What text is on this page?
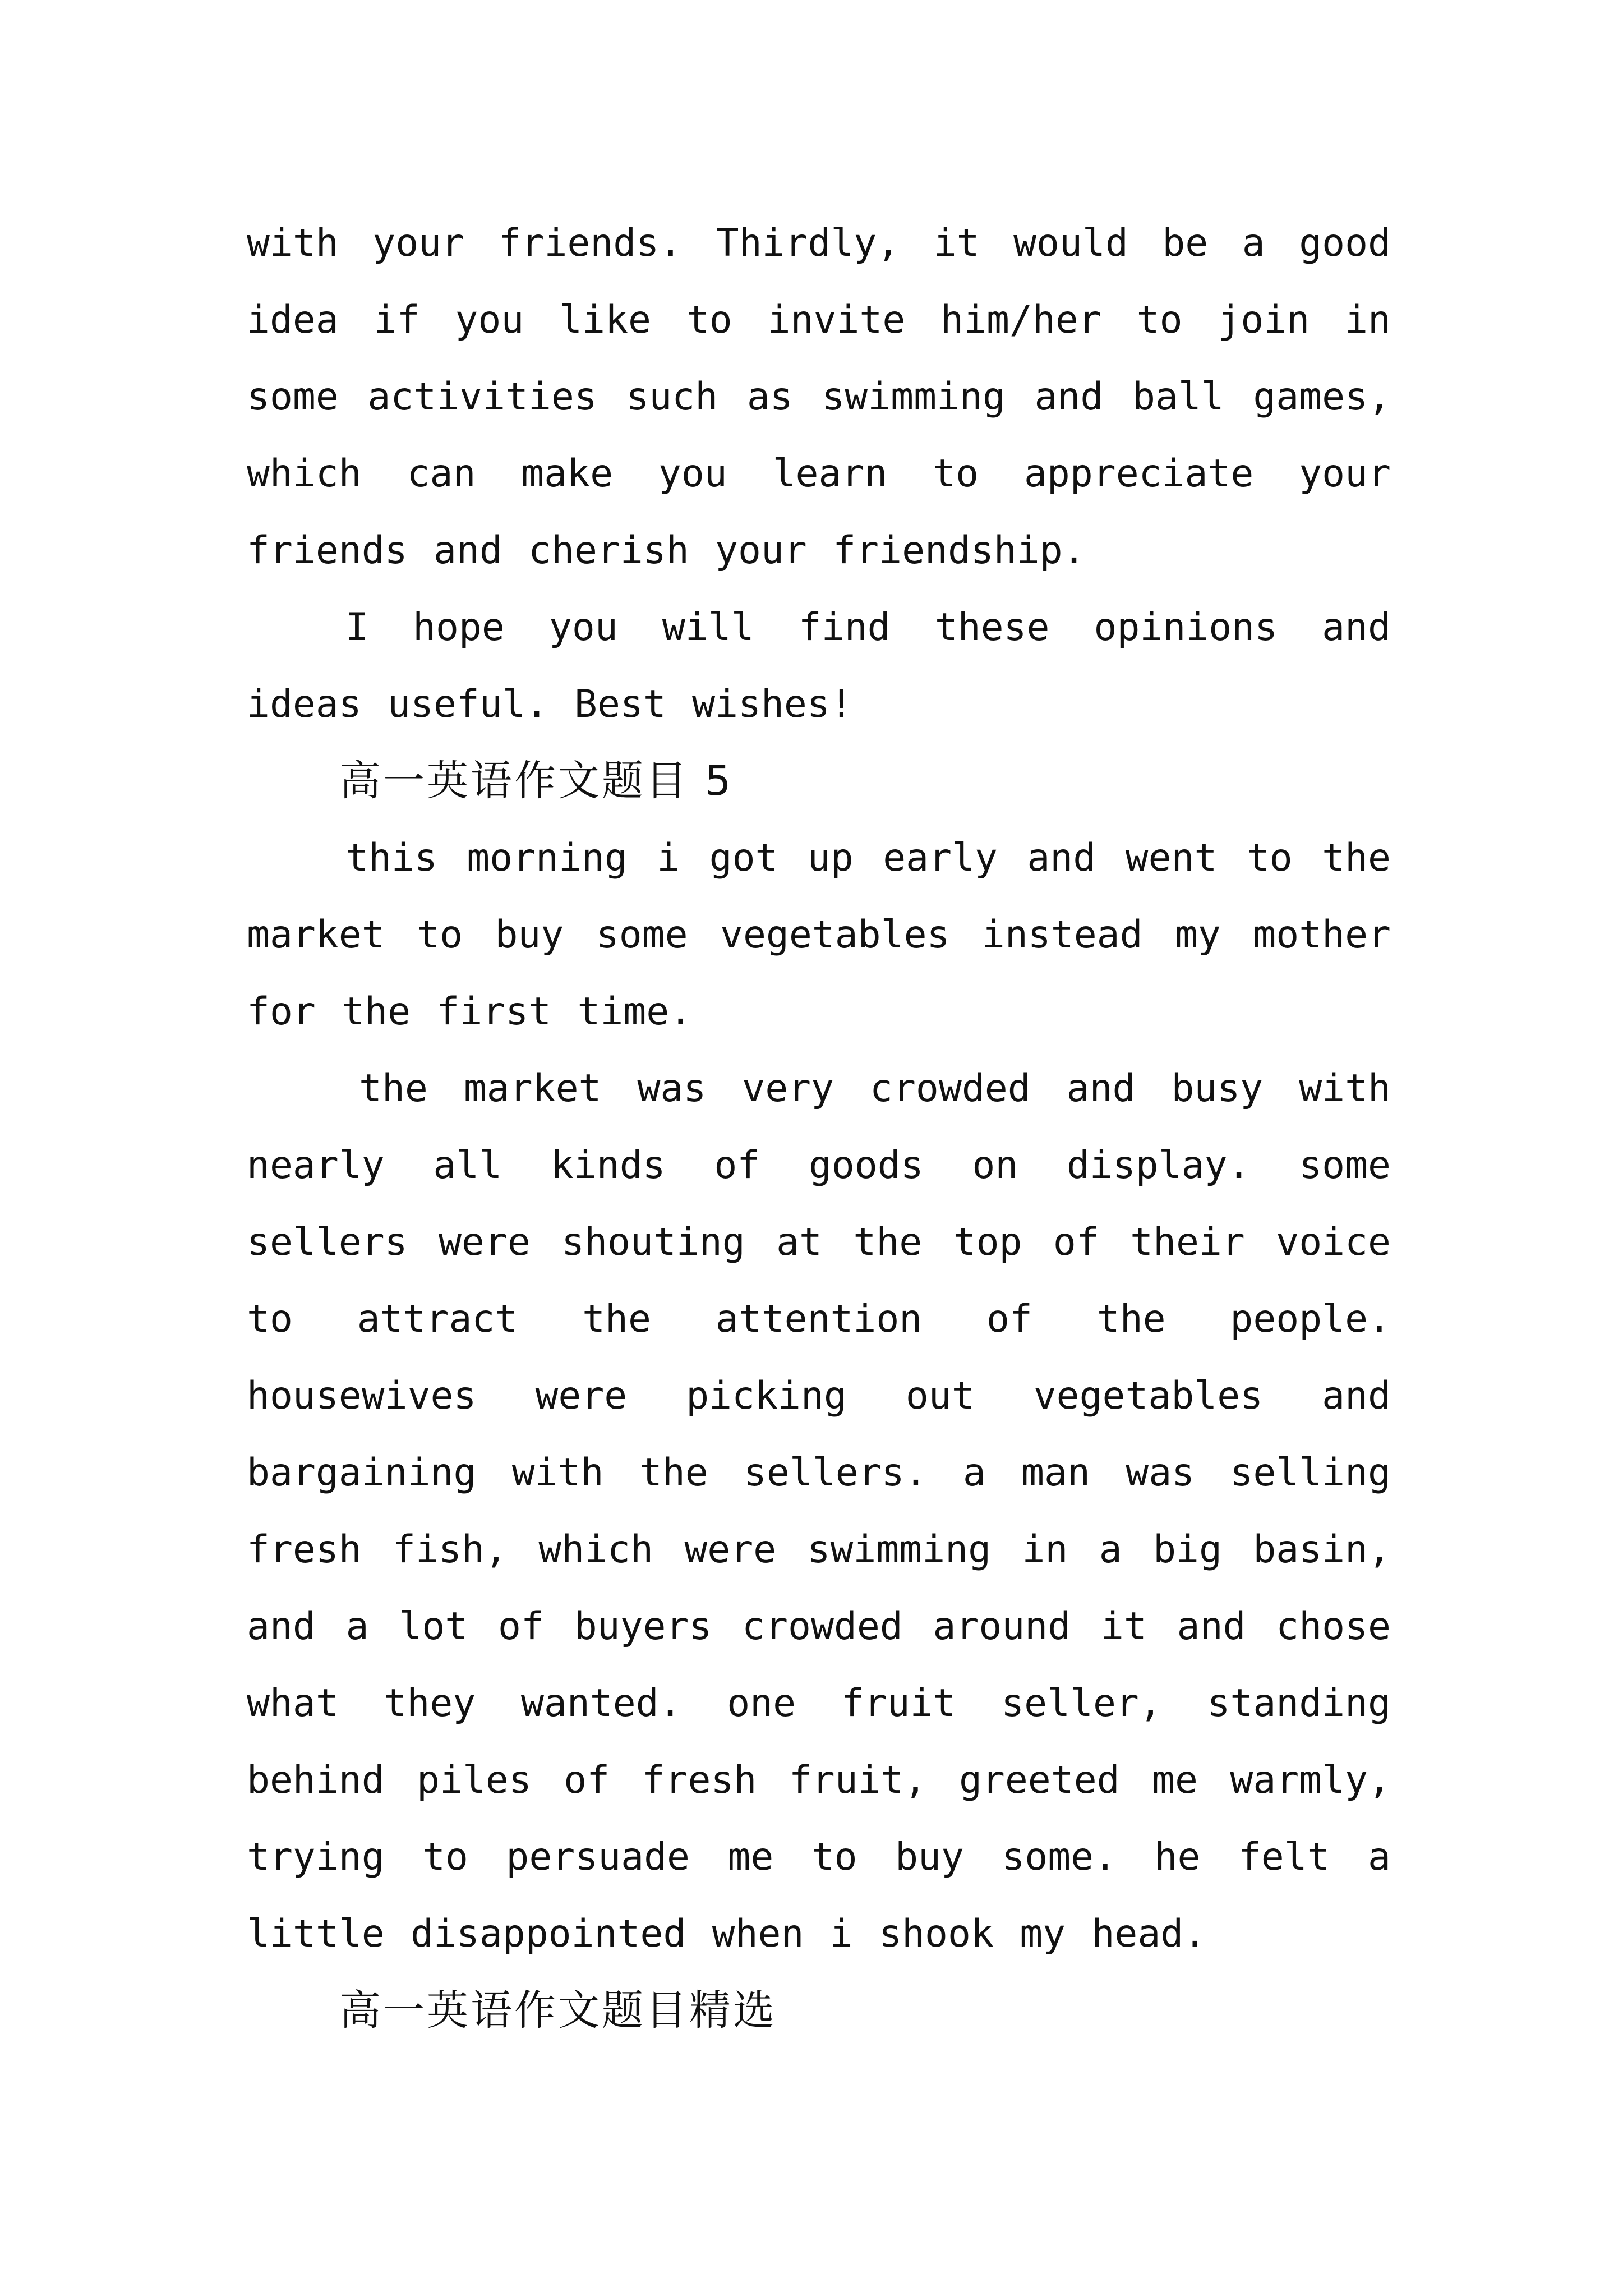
with your friends. Thirdly, it would be a good idea if you like to invite him/her to join in some activities such as swimming and ball games, which can make you learn to appreciate your friends and cherish your friendship.

I hope you will find these opinions and ideas useful. Best wishes!

高一英语作文题目 5

this morning i got up early and went to the market to buy some vegetables instead my mother for the first time.

the market was very crowded and busy with nearly all kinds of goods on display. some sellers were shouting at the top of their voice to attract the attention of the people. housewives were picking out vegetables and bargaining with the sellers. a man was selling fresh fish, which were swimming in a big basin, and a lot of buyers crowded around it and chose what they wanted. one fruit seller, standing behind piles of fresh fruit, greeted me warmly, trying to persuade me to buy some. he felt a little disappointed when i shook my head.

高一英语作文题目精选
